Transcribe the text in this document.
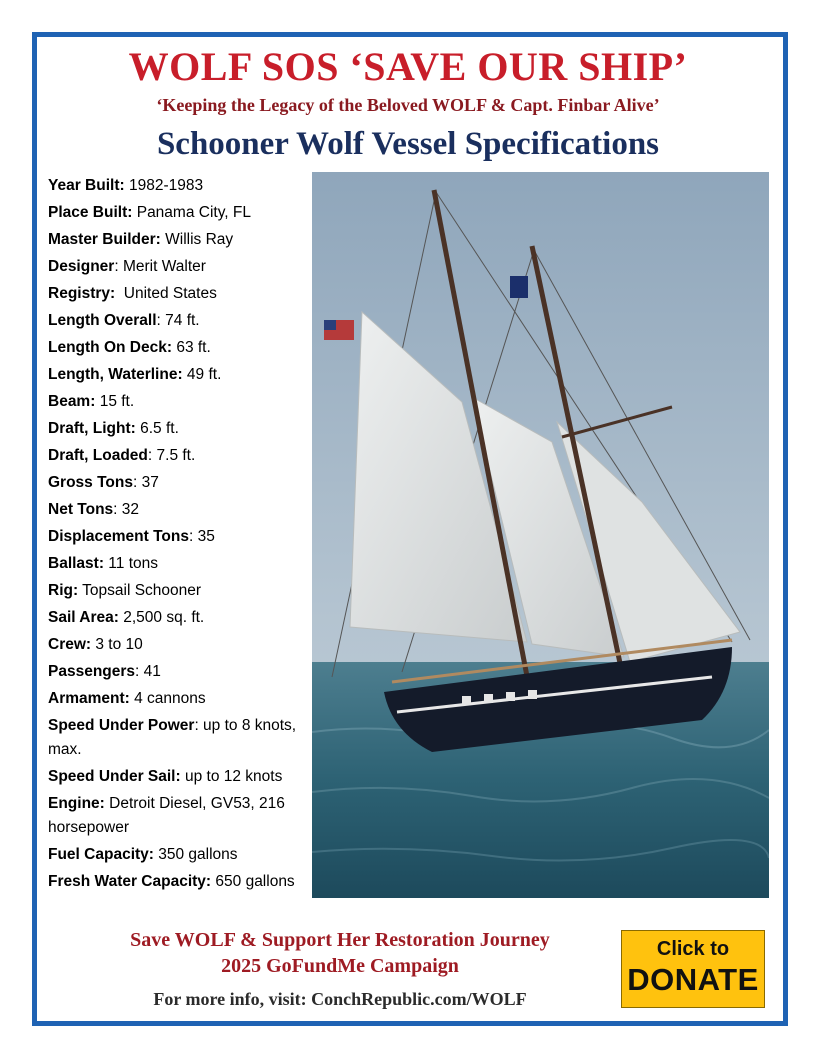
WOLF SOS ‘SAVE OUR SHIP’
‘Keeping the Legacy of the Beloved WOLF & Capt. Finbar Alive’
Schooner Wolf Vessel Specifications
Year Built: 1982-1983
Place Built: Panama City, FL
Master Builder: Willis Ray
Designer: Merit Walter
Registry:  United States
Length Overall: 74 ft.
Length On Deck: 63 ft.
Length, Waterline: 49 ft.
Beam: 15 ft.
Draft, Light: 6.5 ft.
Draft, Loaded: 7.5 ft.
Gross Tons: 37
Net Tons: 32
Displacement Tons: 35
Ballast: 11 tons
Rig: Topsail Schooner
Sail Area: 2,500 sq. ft.
Crew: 3 to 10
Passengers: 41
Armament: 4 cannons
Speed Under Power: up to 8 knots, max.
Speed Under Sail: up to 12 knots
Engine: Detroit Diesel, GV53, 216 horsepower
Fuel Capacity: 350 gallons
Fresh Water Capacity: 650 gallons
Save WOLF & Support Her Restoration Journey
2025 GoFundMe Campaign
For more info, visit: ConchRepublic.com/WOLF
Click to
DONATE
